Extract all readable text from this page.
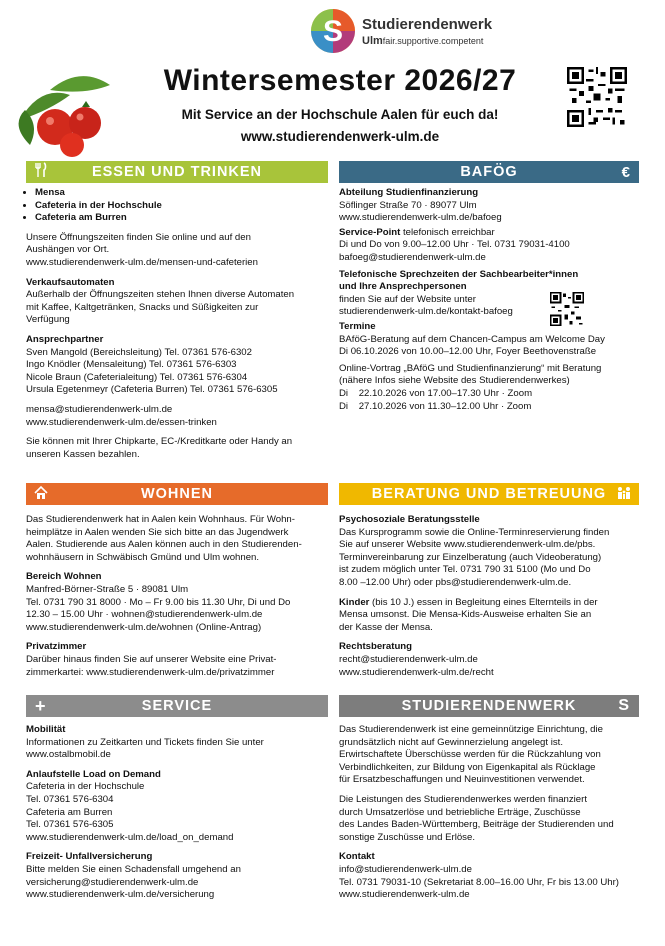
S Studierendenwerk
Ulmfair.supportive.competent
Wintersemester 2026/27
Mit Service an der Hochschule Aalen für euch da!
www.studierendenwerk-ulm.de
ESSEN UND TRINKEN
• Mensa
• Cafeteria in der Hochschule
• Cafeteria am Burren

Unsere Öffnungszeiten finden Sie online und auf den
Aushängen vor Ort.
www.studierendenwerk-ulm.de/mensen-und-cafeterien

Verkaufsautomaten
Außerhalb der Öffnungszeiten stehen Ihnen diverse Automaten
mit Kaffee, Kaltgetränken, Snacks und Süßigkeiten zur
Verfügung

Ansprechpartner
Sven Mangold (Bereichsleitung) Tel. 07361 576-6302
Ingo Knödler (Mensaleitung) Tel. 07361 576-6303
Nicole Braun (Cafeterialeitung) Tel. 07361 576-6304
Ursula Egetenmeyr (Cafeteria Burren) Tel. 07361 576-6305

mensa@studierendenwerk-ulm.de
www.studierendenwerk-ulm.de/essen-trinken

Sie können mit Ihrer Chipkarte, EC-/Kreditkarte oder Handy an
unseren Kassen bezahlen.

BAFÖG	€

Abteilung Studienfinanzierung
Söflinger Straße 70 · 89077 Ulm
www.studierendenwerk-ulm.de/bafoeg

Service-Point telefonisch erreichbar
Di und Do von 9.00–12.00 Uhr · Tel. 0731 79031-4100
bafoeg@studierendenwerk-ulm.de

Telefonische Sprechzeiten der Sachbearbeiter*innen
und Ihre Ansprechpersonen
finden Sie auf der Website unter
studierendenwerk-ulm.de/kontakt-bafoeg

Termine
BAföG-Beratung auf dem Chancen-Campus am Welcome Day
Di 06.10.2026 von 10.00–12.00 Uhr, Foyer Beethovenstraße

Online-Vortrag „BAföG und Studienfinanzierung“ mit Beratung
(nähere Infos siehe Website des Studierendenwerkes)
Di    22.10.2026 von 17.00–17.30 Uhr · Zoom
Di    27.10.2026 von 11.30–12.00 Uhr · Zoom

WOHNEN

Das Studierendenwerk hat in Aalen kein Wohnhaus. Für Wohn-
heimplätze in Aalen wenden Sie sich bitte an das Jugendwerk
Aalen. Studierende aus Aalen können auch in den Studierenden-
wohnhäusern in Schwäbisch Gmünd und Ulm wohnen.

Bereich Wohnen
Manfred-Börner-Straße 5 · 89081 Ulm
Tel. 0731 790 31 8000 · Mo – Fr 9.00 bis 11.30 Uhr, Di und Do
12.30 – 15.00 Uhr · wohnen@studierendenwerk-ulm.de
www.studierendenwerk-ulm.de/wohnen (Online-Antrag)

Privatzimmer
Darüber hinaus finden Sie auf unserer Website eine Privat-
zimmerkartei: www.studierendenwerk-ulm.de/privatzimmer

BERATUNG UND BETREUUNG

Psychosoziale Beratungsstelle
Das Kursprogramm sowie die Online-Terminreservierung finden
Sie auf unserer Website www.studierendenwerk-ulm.de/pbs.
Terminvereinbarung zur Einzelberatung (auch Videoberatung)
ist zudem möglich unter Tel. 0731 790 31 5100 (Mo und Do
8.00 –12.00 Uhr) oder pbs@studierendenwerk-ulm.de.

Kinder (bis 10 J.) essen in Begleitung eines Elternteils in der
Mensa umsonst. Die Mensa-Kids-Ausweise erhalten Sie an
der Kasse der Mensa.

Rechtsberatung
recht@studierendenwerk-ulm.de
www.studierendenwerk-ulm.de/recht

+	SERVICE

Mobilität
Informationen zu Zeitkarten und Tickets finden Sie unter
www.ostalbmobil.de

Anlaufstelle Load on Demand
Cafeteria in der Hochschule
Tel. 07361 576-6304
Cafeteria am Burren
Tel. 07361 576-6305
www.studierendenwerk-ulm.de/load_on_demand

Freizeit- Unfallversicherung
Bitte melden Sie einen Schadensfall umgehend an
versicherung@studierendenwerk-ulm.de
www.studierendenwerk-ulm.de/versicherung

STUDIERENDENWERK	S

Das Studierendenwerk ist eine gemeinnützige Einrichtung, die
grundsätzlich nicht auf Gewinnerzielung angelegt ist.
Erwirtschaftete Überschüsse werden für die Rückzahlung von
Verbindlichkeiten, zur Bildung von Eigenkapital als Rücklage
für Ersatzbeschaffungen und Neuinvestitionen verwendet.

Die Leistungen des Studierendenwerkes werden finanziert
durch Umsatzerlöse und betriebliche Erträge, Zuschüsse
des Landes Baden-Württemberg, Beiträge der Studierenden und
sonstige Zuschüsse und Erlöse.

Kontakt
info@studierendenwerk-ulm.de
Tel. 0731 79031-10 (Sekretariat 8.00–16.00 Uhr, Fr bis 13.00 Uhr)
www.studierendenwerk-ulm.de
